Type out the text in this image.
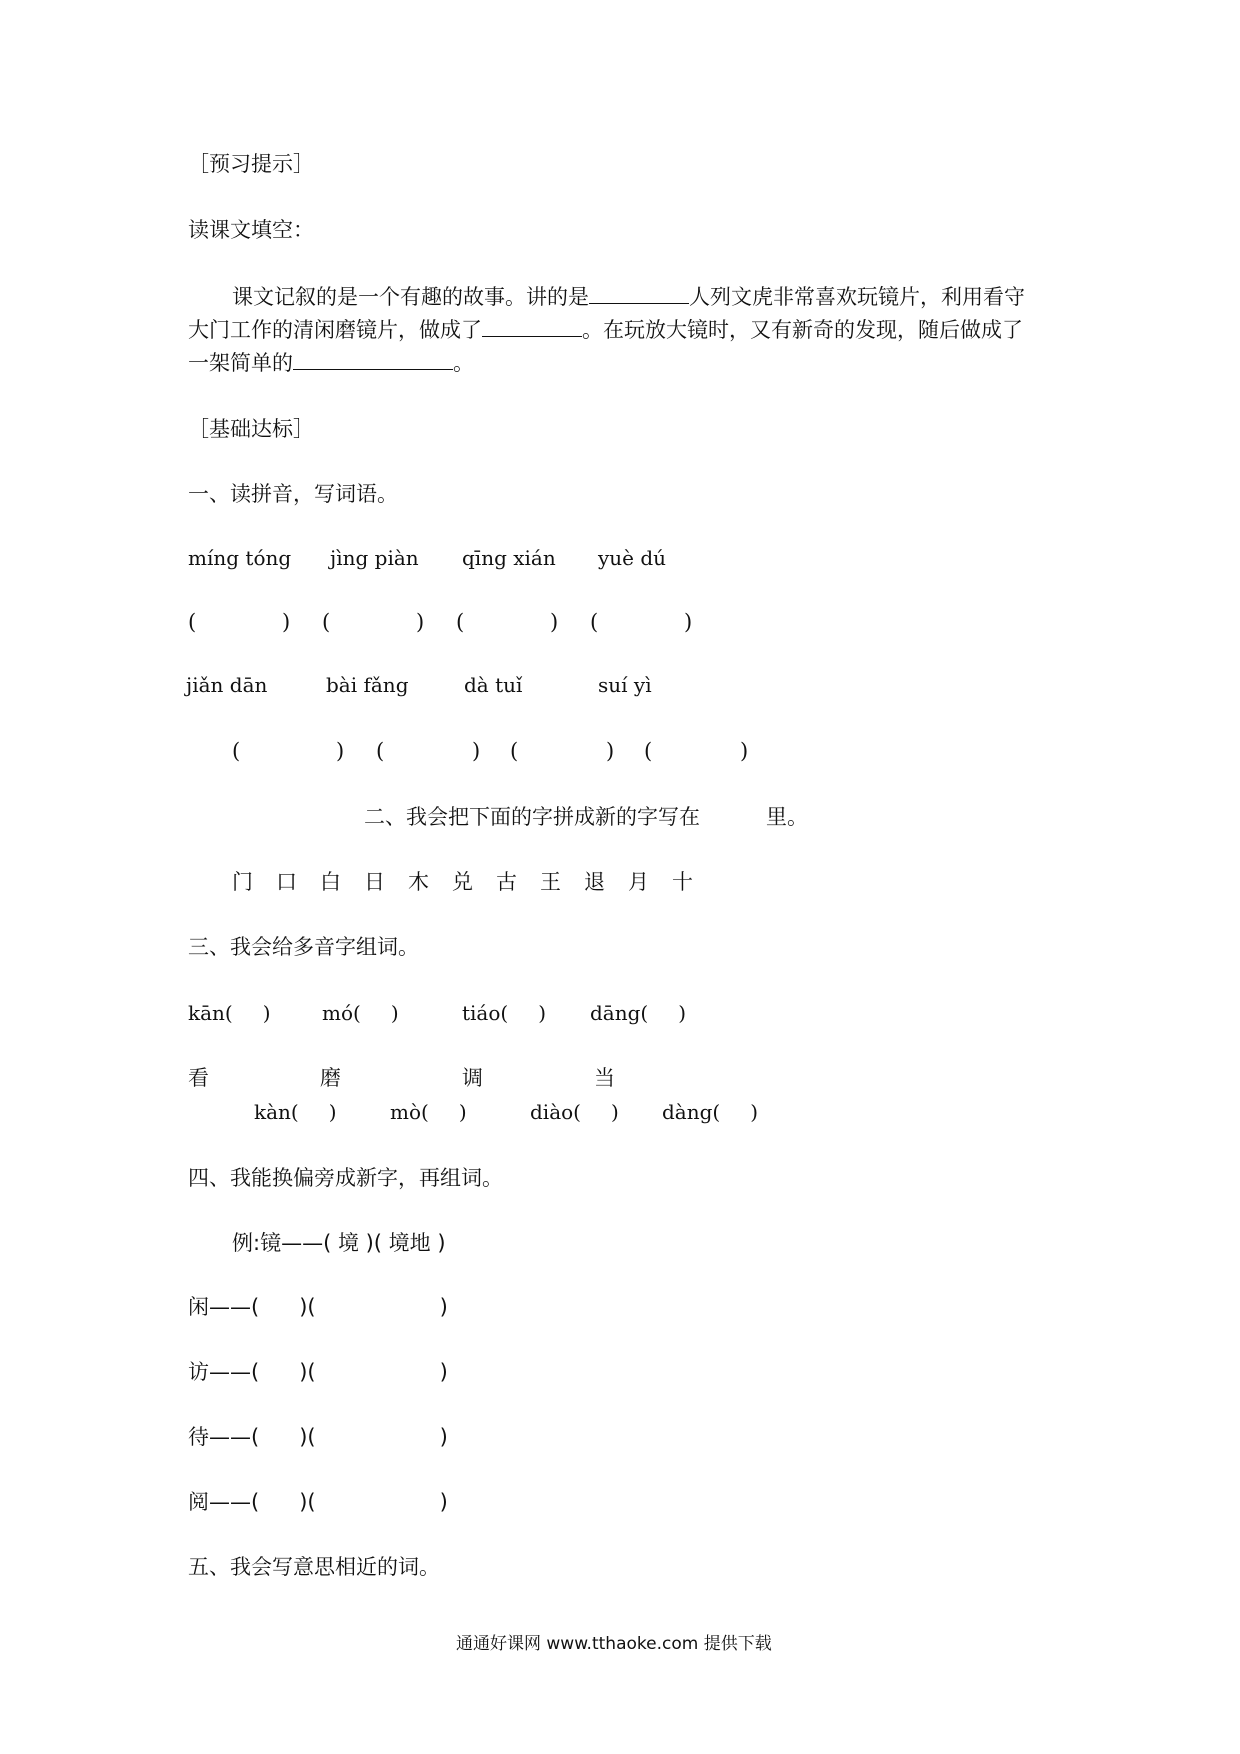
［预习提示］
读课文填空：
课文记叙的是一个有趣的故事。讲的是	人列文虎非常喜欢玩镜片，利用看守
大门工作的清闲磨镜片，做成了	。在玩放大镜时，又有新奇的发现，随后做成了
一架简单的	。
［基础达标］
一、读拼音，写词语。
míng tóng jìng piàn qīng xián yuè dú
(	) (	) (	) (	)
jiǎn dān	bài fǎng	dà tuǐ	suí yì
(	) (	) (	) (	)
二、我会把下面的字拼成新的字写在	里。
门 口 白 日 木 兑 古 王 退 月 十
三、我会给多音字组词。
kān( )	mó( )	tiáo( ) dāng( )
看	磨	调	当
kàn( )	mò( )	diào( ) dàng( )
四、我能换偏旁成新字，再组词。
例:镜——( 境 )( 境地 )
闲——( )(	)
访——( )(	)
待——( )(	)
阅——( )(	)
五、我会写意思相近的词。
通通好课网 www.tthaoke.com 提供下载
